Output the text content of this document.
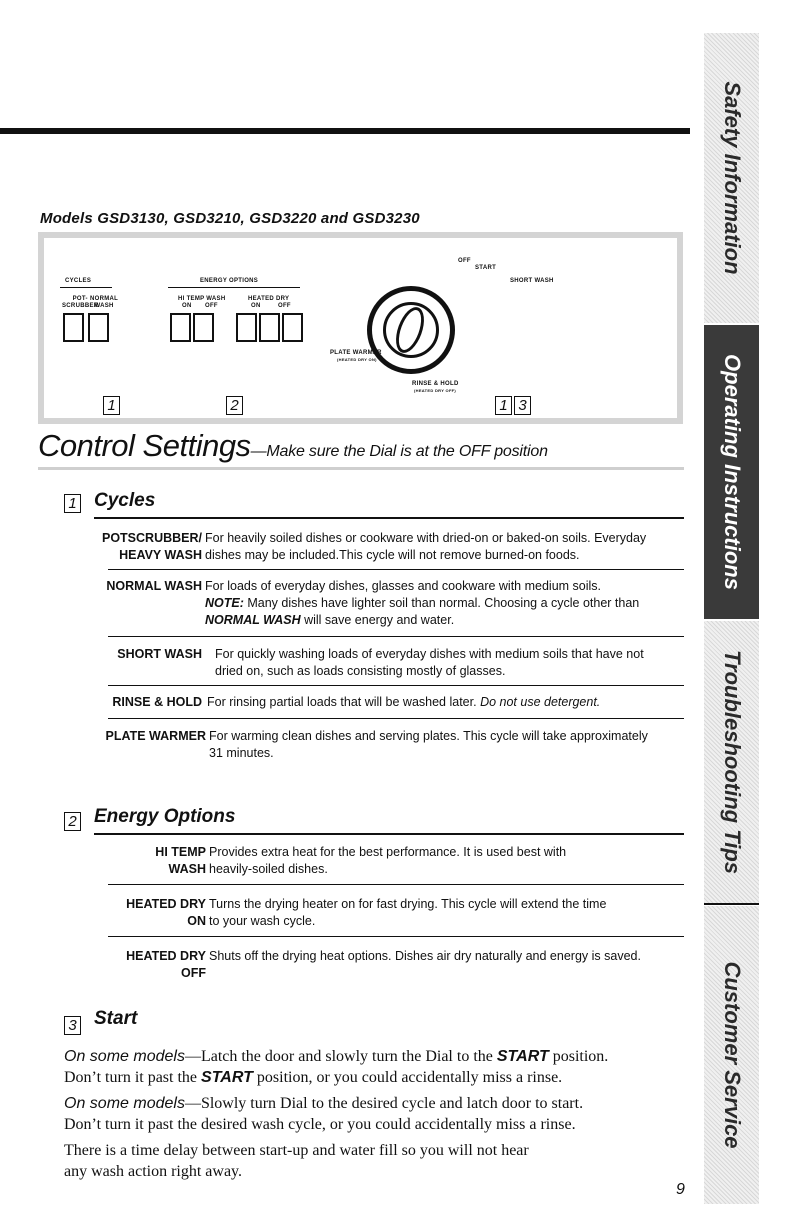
Models GSD3130, GSD3210, GSD3220 and GSD3230
CYCLES	ENERGY OPTIONS
POT-
SCRUBBER
NORMAL
WASH
HI TEMP WASH
ON OFF
HEATED DRY
ON	OFF
OFF
START
SHORT WASH
PLATE WARMER
(HEATED DRY ON)
RINSE & HOLD
(HEATED DRY OFF)
1	2	1 3
Control Settings—Make sure the Dial is at the OFF position
1 Cycles
POTSCRUBBER/
HEAVY WASH
For heavily soiled dishes or cookware with dried-on or baked-on soils. Everyday
dishes may be included.This cycle will not remove burned-on foods.
NORMAL WASH For loads of everyday dishes, glasses and cookware with medium soils.
NOTE: Many dishes have lighter soil than normal. Choosing a cycle other than
NORMAL WASH will save energy and water.
SHORT WASH For quickly washing loads of everyday dishes with medium soils that have not
dried on, such as loads consisting mostly of glasses.
RINSE & HOLD For rinsing partial loads that will be washed later. Do not use detergent.
PLATE WARMER For warming clean dishes and serving plates. This cycle will take approximately
31 minutes.
2 Energy Options
HI TEMP
WASH
Provides extra heat for the best performance. It is used best with
heavily-soiled dishes.
HEATED DRY
ON
Turns the drying heater on for fast drying. This cycle will extend the time
to your wash cycle.
HEATED DRY
OFF
Shuts off the drying heat options. Dishes air dry naturally and energy is saved.
3 Start
On some models—Latch the door and slowly turn the Dial to the START position.
Don’t turn it past the START position, or you could accidentally miss a rinse.
On some models—Slowly turn Dial to the desired cycle and latch door to start.
Don’t turn it past the desired wash cycle, or you could accidentally miss a rinse.
There is a time delay between start-up and water fill so you will not hear
any wash action right away.
9
Safety Information
Operating Instructions
Troubleshooting Tips
Customer Service
